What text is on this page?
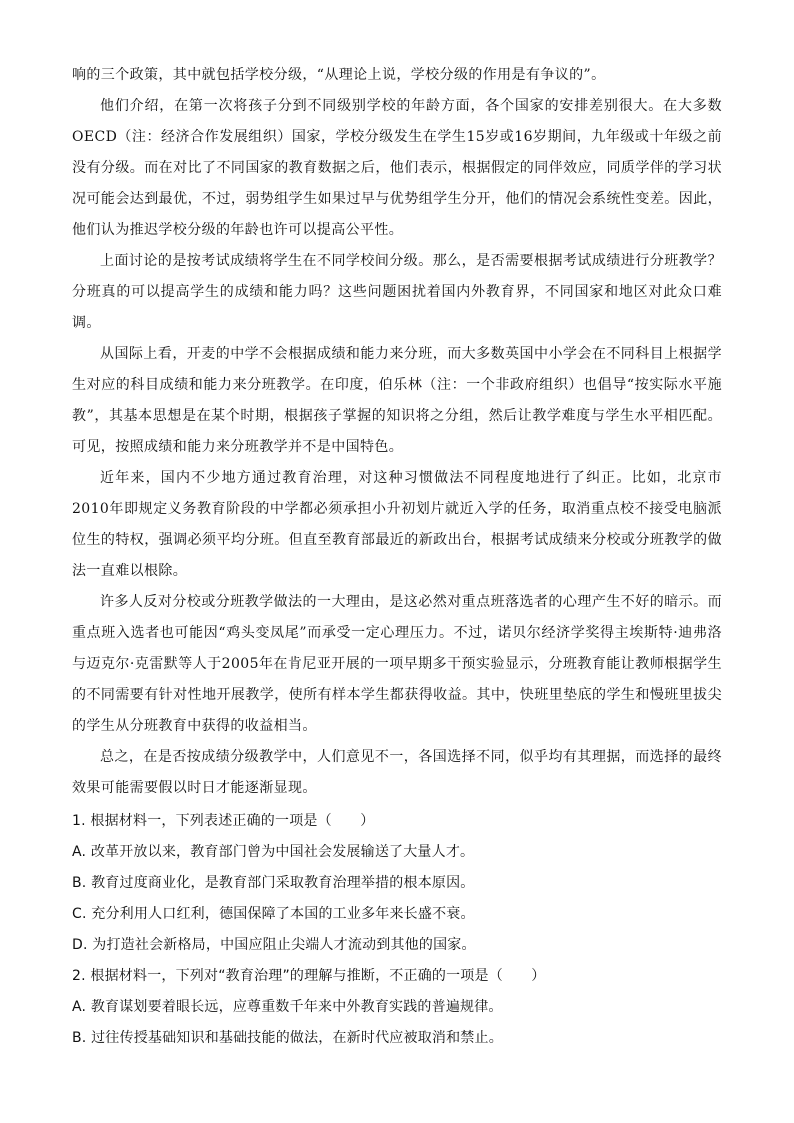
响的三个政策，其中就包括学校分级，“从理论上说，学校分级的作用是有争议的”。

他们介绍，在第一次将孩子分到不同级别学校的年龄方面，各个国家的安排差别很大。在大多数OECD（注：经济合作发展组织）国家，学校分级发生在学生15岁或16岁期间，九年级或十年级之前没有分级。而在对比了不同国家的教育数据之后，他们表示，根据假定的同伴效应，同质学伴的学习状况可能会达到最优，不过，弱势组学生如果过早与优势组学生分开，他们的情况会系统性变差。因此，他们认为推迟学校分级的年龄也许可以提高公平性。

上面讨论的是按考试成绩将学生在不同学校间分级。那么，是否需要根据考试成绩进行分班教学？分班真的可以提高学生的成绩和能力吗？这些问题困扰着国内外教育界，不同国家和地区对此众口难调。

从国际上看，开麦的中学不会根据成绩和能力来分班，而大多数英国中小学会在不同科目上根据学生对应的科目成绩和能力来分班教学。在印度，伯乐林（注：一个非政府组织）也倡导“按实际水平施教”，其基本思想是在某个时期，根据孩子掌握的知识将之分组，然后让教学难度与学生水平相匹配。可见，按照成绩和能力来分班教学并不是中国特色。

近年来，国内不少地方通过教育治理，对这种习惯做法不同程度地进行了纠正。比如，北京市2010年即规定义务教育阶段的中学都必须承担小升初划片就近入学的任务，取消重点校不接受电脑派位生的特权，强调必须平均分班。但直至教育部最近的新政出台，根据考试成绩来分校或分班教学的做法一直难以根除。

许多人反对分校或分班教学做法的一大理由，是这必然对重点班落选者的心理产生不好的暗示。而重点班入选者也可能因“鸡头变凤尾”而承受一定心理压力。不过，诺贝尔经济学奖得主埃斯特·迪弗洛与迈克尔·克雷默等人于2005年在肯尼亚开展的一项早期多干预实验显示，分班教育能让教师根据学生的不同需要有针对性地开展教学，使所有样本学生都获得收益。其中，快班里垫底的学生和慢班里拔尖的学生从分班教育中获得的收益相当。

总之，在是否按成绩分级教学中，人们意见不一，各国选择不同，似乎均有其理据，而选择的最终效果可能需要假以时日才能逐渐显现。

1. 根据材料一，下列表述正确的一项是（　　）

A. 改革开放以来，教育部门曾为中国社会发展输送了大量人才。

B. 教育过度商业化，是教育部门采取教育治理举措的根本原因。

C. 充分利用人口红利，德国保障了本国的工业多年来长盛不衰。

D. 为打造社会新格局，中国应阻止尖端人才流动到其他的国家。

2. 根据材料一，下列对“教育治理”的理解与推断，不正确的一项是（　　）

A. 教育谋划要着眼长远，应尊重数千年来中外教育实践的普遍规律。

B. 过往传授基础知识和基础技能的做法，在新时代应被取消和禁止。
